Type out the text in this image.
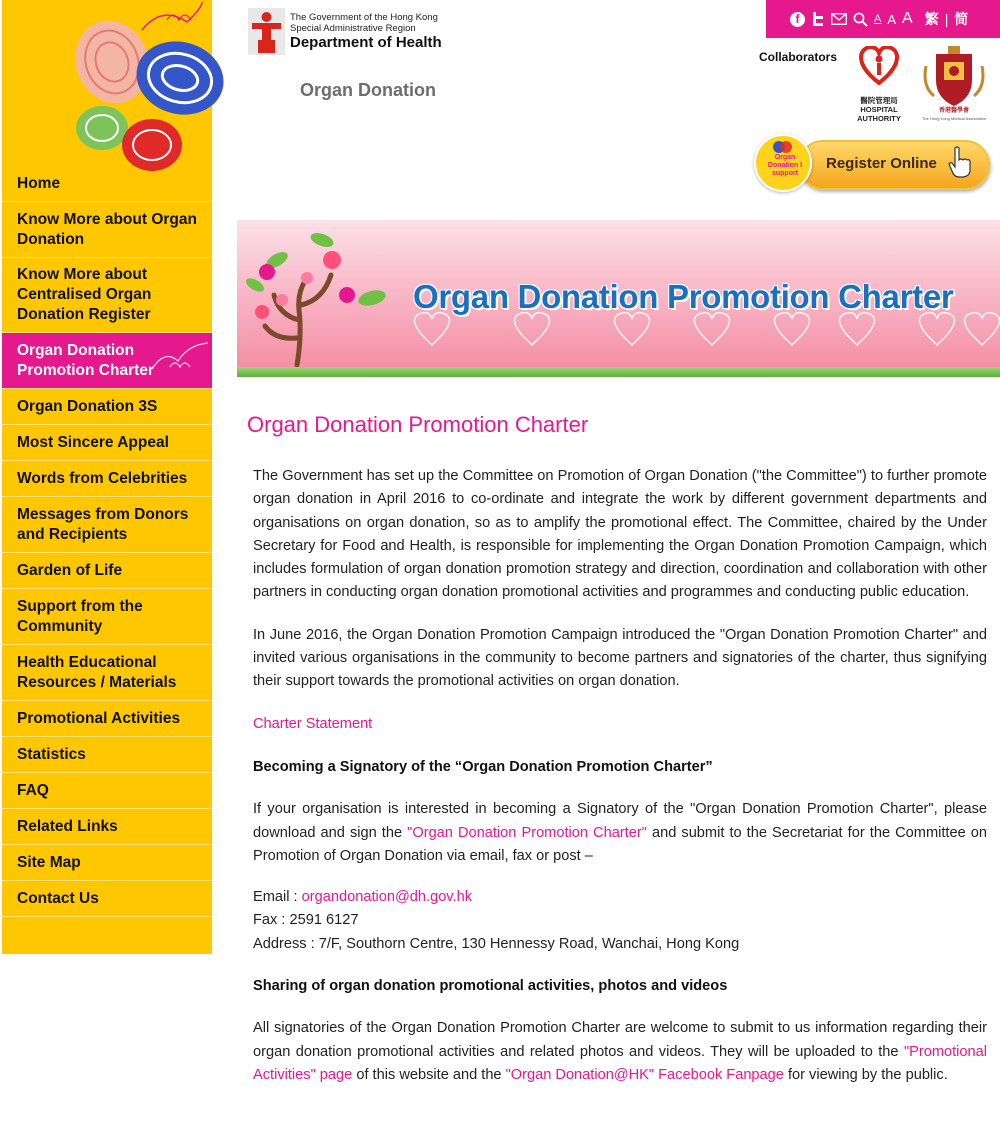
Home
Know More about Organ Donation
Know More about Centralised Organ Donation Register
Organ Donation Promotion Charter
Organ Donation 3S
Most Sincere Appeal
Words from Celebrities
Messages from Donors and Recipients
Garden of Life
Support from the Community
Health Educational Resources / Materials
Promotional Activities
Statistics
FAQ
Related Links
Site Map
Contact Us
The Government of the Hong Kong
Special Administrative Region
Department of Health
Organ Donation
f	A A A 繁 | 简
Collaborators
醫院管理局
HOSPITAL
AUTHORITY
香港醫學會
The Hong Kong Medical Association
Register Online
Organ Donation I support
Organ Donation Promotion Charter
Organ Donation Promotion Charter

The Government has set up the Committee on Promotion of Organ Donation ("the Committee") to further promote organ donation in April 2016 to co-ordinate and integrate the work by different government departments and organisations on organ donation, so as to amplify the promotional effect. The Committee, chaired by the Under Secretary for Food and Health, is responsible for implementing the Organ Donation Promotion Campaign, which includes formulation of organ donation promotion strategy and direction, coordination and collaboration with other partners in conducting organ donation promotional activities and programmes and conducting public education.

In June 2016, the Organ Donation Promotion Campaign introduced the "Organ Donation Promotion Charter" and invited various organisations in the community to become partners and signatories of the charter, thus signifying their support towards the promotional activities on organ donation.

Charter Statement

Becoming a Signatory of the “Organ Donation Promotion Charter”

If your organisation is interested in becoming a Signatory of the "Organ Donation Promotion Charter", please download and sign the "Organ Donation Promotion Charter" and submit to the Secretariat for the Committee on Promotion of Organ Donation via email, fax or post –

Email : organdonation@dh.gov.hk
Fax : 2591 6127
Address : 7/F, Southorn Centre, 130 Hennessy Road, Wanchai, Hong Kong

Sharing of organ donation promotional activities, photos and videos

All signatories of the Organ Donation Promotion Charter are welcome to submit to us information regarding their organ donation promotional activities and related photos and videos. They will be uploaded to the "Promotional Activities" page of this website and the "Organ Donation@HK" Facebook Fanpage for viewing by the public.
